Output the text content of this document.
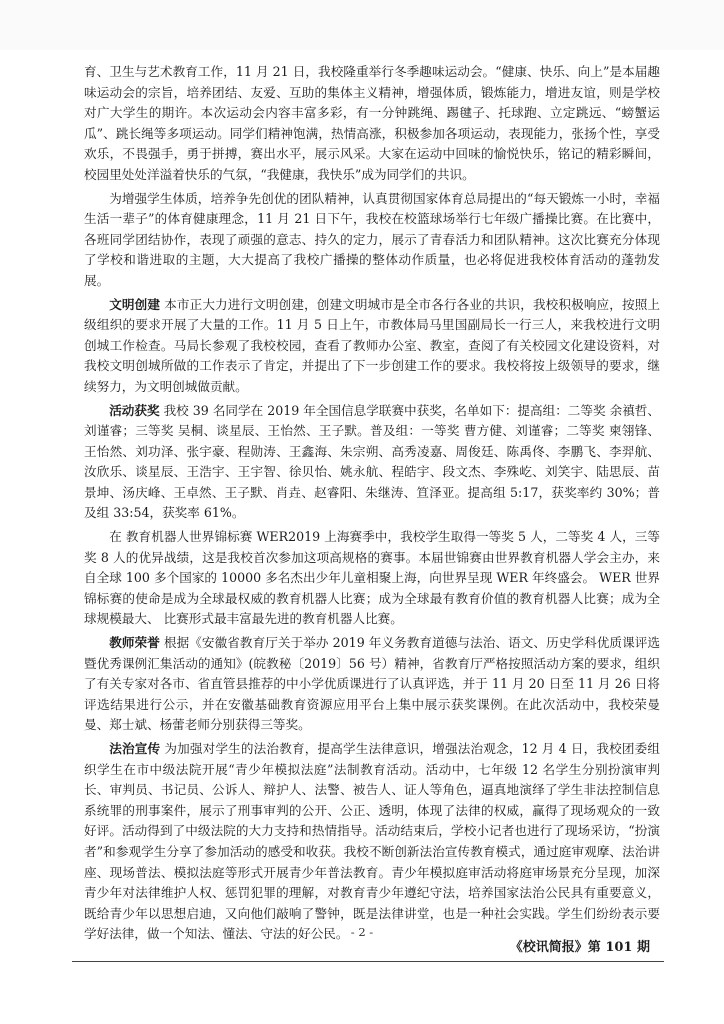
育、卫生与艺术教育工作，11 月 21 日，我校隆重举行冬季趣味运动会。“健康、快乐、向上”是本届趣味运动会的宗旨，培养团结、友爱、互助的集体主义精神，增强体质，锻炼能力，增进友谊，则是学校对广大学生的期许。本次运动会内容丰富多彩，有一分钟跳绳、踢毽子、托球跑、立定跳远、“螃蟹运瓜”、跳长绳等多项运动。同学们精神饱满，热情高涨，积极参加各项运动，表现能力，张扬个性，享受欢乐，不畏强手，勇于拼搏，赛出水平，展示风采。大家在运动中回味的愉悦快乐，铭记的精彩瞬间，校园里处处洋溢着快乐的气氛，“我健康，我快乐”成为同学们的共识。

为增强学生体质，培养争先创优的团队精神，认真贯彻国家体育总局提出的“每天锻炼一小时，幸福生活一辈子”的体育健康理念，11 月 21 日下午，我校在校篮球场举行七年级广播操比赛。在比赛中，各班同学团结协作，表现了顽强的意志、持久的定力，展示了青春活力和团队精神。这次比赛充分体现了学校和谐进取的主题，大大提高了我校广播操的整体动作质量，也必将促进我校体育活动的蓬勃发展。

文明创建 本市正大力进行文明创建，创建文明城市是全市各行各业的共识，我校积极响应，按照上级组织的要求开展了大量的工作。11 月 5 日上午，市教体局马里国副局长一行三人，来我校进行文明创城工作检查。马局长参观了我校校园，查看了教师办公室、教室，查阅了有关校园文化建设资料，对我校文明创城所做的工作表示了肯定，并提出了下一步创建工作的要求。我校将按上级领导的要求，继续努力，为文明创城做贡献。

活动获奖 我校 39 名同学在 2019 年全国信息学联赛中获奖，名单如下：提高组：二等奖 余禛哲、刘谨睿；三等奖 吴桐、谈星辰、王怡然、王子默。普及组：一等奖 曹方健、刘谨睿；二等奖 柬翎锋、王怡然、刘功泽、张宇豪、程勋涛、王鑫海、朱宗朔、高秀凌嘉、周俊廷、陈禹佟、李鹏飞、李羿航、汝欣乐、谈星辰、王浩宇、王宇智、徐贝怡、姚永航、程皓宇、段文杰、李殊屹、刘笑宇、陆思辰、苗景坤、汤庆峰、王卓然、王子默、肖垚、赵睿阳、朱继涛、笪泽亚。提高组 5:17，获奖率约 30%；普及组 33:54，获奖率 61%。

在 教育机器人世界锦标赛 WER2019 上海赛季中，我校学生取得一等奖 5 人，二等奖 4 人，三等奖 8 人的优异战绩，这是我校首次参加这项高规格的赛事。本届世锦赛由世界教育机器人学会主办，来自全球 100 多个国家的 10000 多名杰出少年儿童相聚上海，向世界呈现 WER 年终盛会。 WER 世界锦标赛的使命是成为全球最权威的教育机器人比赛；成为全球最有教育价值的教育机器人比赛；成为全球规模最大、 比赛形式最丰富最先进的教育机器人比赛。

教师荣誉 根据《安徽省教育厅关于举办 2019 年义务教育道德与法治、语文、历史学科优质课评选暨优秀课例汇集活动的通知》(皖教秘〔2019〕56 号）精神，省教育厅严格按照活动方案的要求，组织了有关专家对各市、省直管县推荐的中小学优质课进行了认真评选，并于 11 月 20 日至 11 月 26 日将评选结果进行公示，并在安徽基础教育资源应用平台上集中展示获奖课例。在此次活动中，我校荣曼曼、郑士斌、杨蕾老师分别获得三等奖。

法治宣传 为加强对学生的法治教育，提高学生法律意识，增强法治观念，12 月 4 日，我校团委组织学生在市中级法院开展“青少年模拟法庭”法制教育活动。活动中，七年级 12 名学生分别扮演审判长、审判员、书记员、公诉人、辩护人、法警、被告人、证人等角色，逼真地演绎了学生非法控制信息系统罪的刑事案件，展示了刑事审判的公开、公正、透明，体现了法律的权威，赢得了现场观众的一致好评。活动得到了中级法院的大力支持和热情指导。活动结束后，学校小记者也进行了现场采访，“扮演者”和参观学生分享了参加活动的感受和收获。我校不断创新法治宣传教育模式，通过庭审观摩、法治讲座、现场普法、模拟法庭等形式开展青少年普法教育。青少年模拟庭审活动将庭审场景充分呈现，加深青少年对法律维护人权、惩罚犯罪的理解，对教育青少年遵纪守法，培养国家法治公民具有重要意义，既给青少年以思想启迪，又向他们敲响了警钟，既是法律讲堂，也是一种社会实践。学生们纷纷表示要学好法律，做一个知法、懂法、守法的好公民。 - 2 -
《校讯简报》第 101 期
